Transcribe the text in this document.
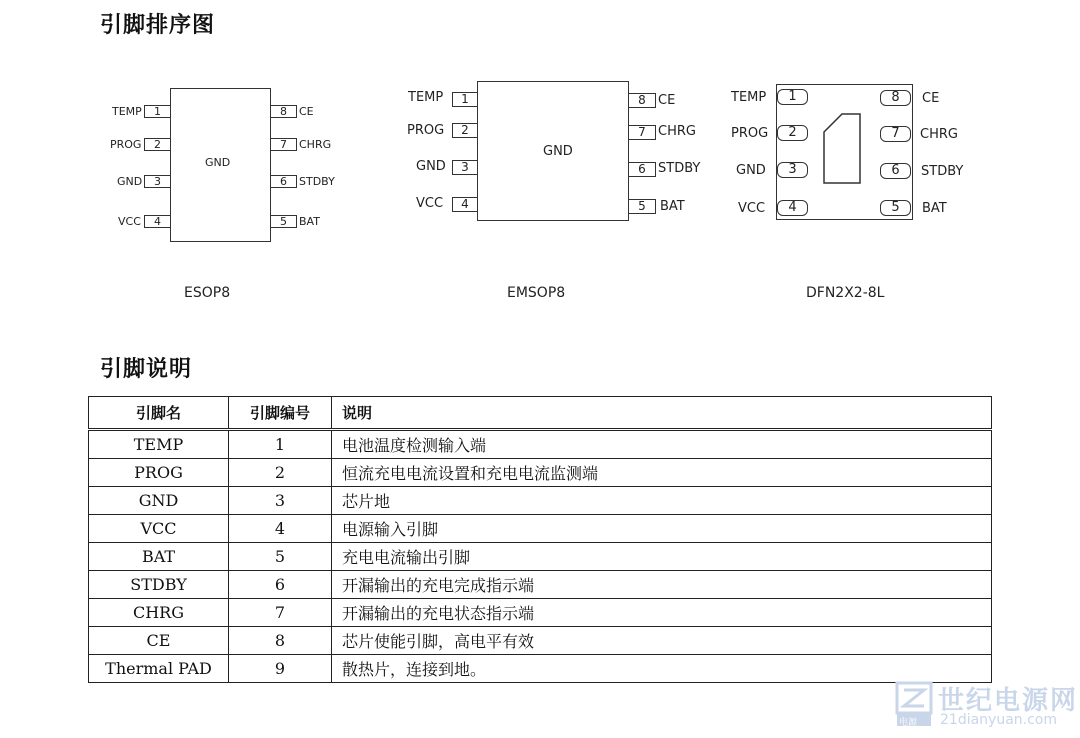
引脚排序图
引脚说明
GND
TEMP	1
PROG	2
GND	3
VCC	4
8	CE
7	CHRG
6	STDBY
5	BAT
ESOP8
GND
TEMP	1
PROG	2
GND	3
VCC	4
8 CE
7 CHRG
6 STDBY
5	BAT
EMSOP8
TEMP	1
PROG	2
GND	3
VCC	4
8	CE
7	CHRG
6	STDBY
5	BAT
DFN2X2-8L
引脚名	引脚编号	说明
TEMP	1	电池温度检测输入端
PROG	2	恒流充电电流设置和充电电流监测端
GND	3	芯片地
VCC	4	电源输入引脚
BAT	5	充电电流输出引脚
STDBY	6	开漏输出的充电完成指示端
CHRG	7	开漏输出的充电状态指示端
CE	8	芯片使能引脚，高电平有效
Thermal PAD	9	散热片，连接到地。
电源
世纪电源网
21dianyuan.com
